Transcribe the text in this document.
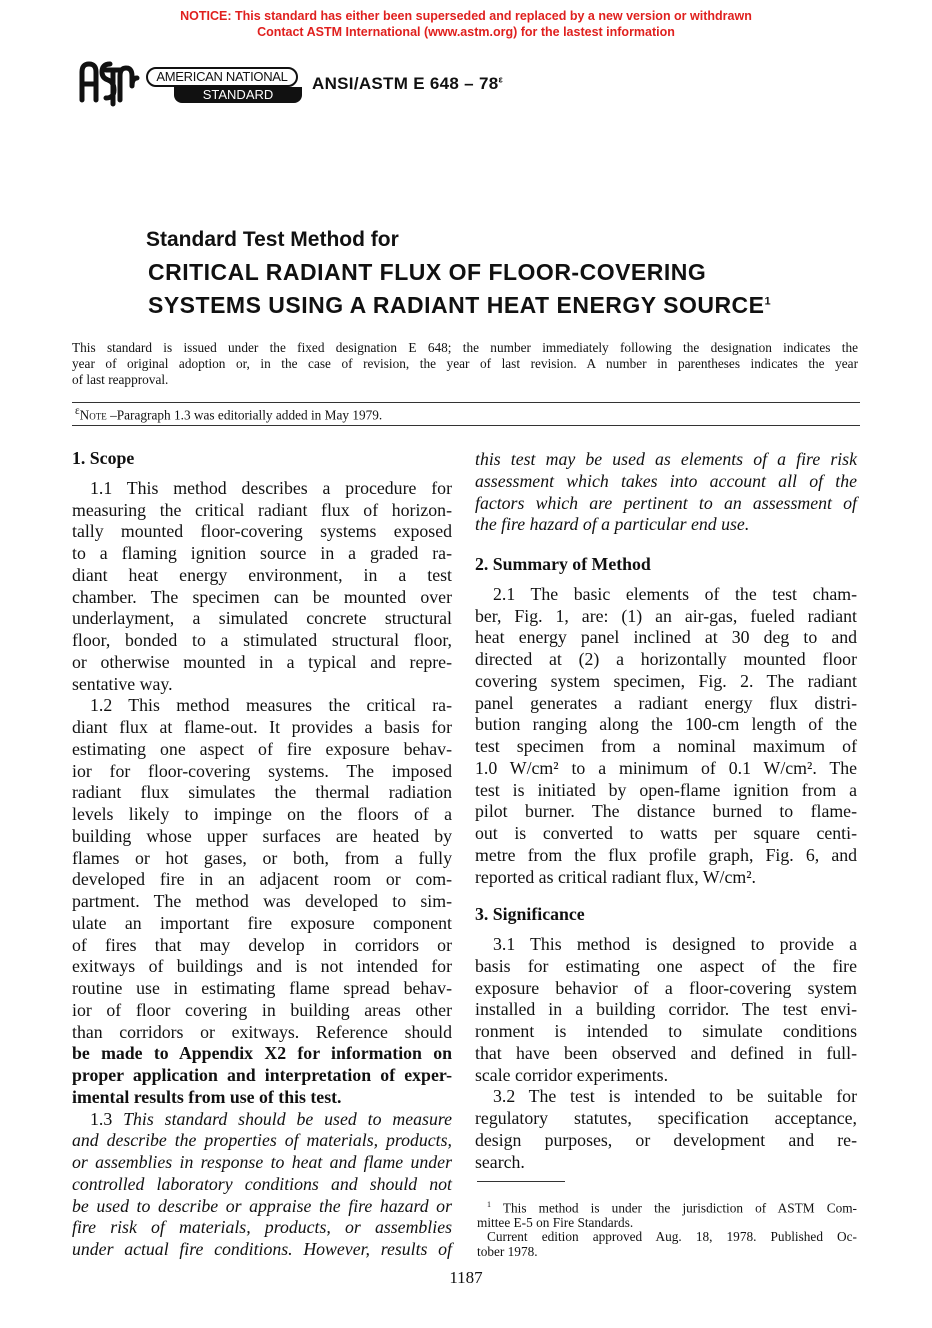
NOTICE: This standard has either been superseded and replaced by a new version or withdrawn
Contact ASTM International (www.astm.org) for the lastest information
AMERICAN NATIONAL
STANDARD
ANSI/ASTM E $648 - 78^\varepsilon$
Standard Test Method for
CRITICAL RADIANT FLUX OF FLOOR-COVERING
SYSTEMS USING A RADIANT HEAT ENERGY SOURCE$^1$
This standard is issued under the fixed designation E 648; the number immediately following the designation indicates the
year of original adoption or, in the case of revision, the year of last revision. A number in parentheses indicates the year
of last reapproval.
$^\varepsilon$Note –Paragraph 1.3 was editorially added in May 1979.
1. Scope
1.1 This method describes a procedure for
measuring the critical radiant flux of horizon-
tally mounted floor-covering systems exposed
to a flaming ignition source in a graded ra-
diant heat energy environment, in a test
chamber. The specimen can be mounted over
underlayment, a simulated concrete structural
floor, bonded to a stimulated structural floor,
or otherwise mounted in a typical and repre-
sentative way.
1.2 This method measures the critical ra-
diant flux at flame-out. It provides a basis for
estimating one aspect of fire exposure behav-
ior for floor-covering systems. The imposed
radiant flux simulates the thermal radiation
levels likely to impinge on the floors of a
building whose upper surfaces are heated by
flames or hot gases, or both, from a fully
developed fire in an adjacent room or com-
partment. The method was developed to sim-
ulate an important fire exposure component
of fires that may develop in corridors or
exitways of buildings and is not intended for
routine use in estimating flame spread behav-
ior of floor covering in building areas other
than corridors or exitways. Reference should
be made to Appendix X2 for information on
proper application and interpretation of exper-
imental results from use of this test.
1.3 This standard should be used to measure
and describe the properties of materials, products,
or assemblies in response to heat and flame under
controlled laboratory conditions and should not
be used to describe or appraise the fire hazard or
fire risk of materials, products, or assemblies
under actual fire conditions. However, results of
this test may be used as elements of a fire risk
assessment which takes into account all of the
factors which are pertinent to an assessment of
the fire hazard of a particular end use.
2. Summary of Method
2.1 The basic elements of the test cham-
ber, Fig. 1, are: (1) an air-gas, fueled radiant
heat energy panel inclined at 30 deg to and
directed at (2) a horizontally mounted floor
covering system specimen, Fig. 2. The radiant
panel generates a radiant energy flux distri-
bution ranging along the 100-cm length of the
test specimen from a nominal maximum of
1.0 W/cm² to a minimum of 0.1 W/cm². The
test is initiated by open-flame ignition from a
pilot burner. The distance burned to flame-
out is converted to watts per square centi-
metre from the flux profile graph, Fig. 6, and
reported as critical radiant flux, W/cm².
3. Significance
3.1 This method is designed to provide a
basis for estimating one aspect of the fire
exposure behavior of a floor-covering system
installed in a building corridor. The test envi-
ronment is intended to simulate conditions
that have been observed and defined in full-
scale corridor experiments.
3.2 The test is intended to be suitable for
regulatory statutes, specification acceptance,
design purposes, or development and re-
search.
$^1$ This method is under the jurisdiction of ASTM Com-
mittee E-5 on Fire Standards.
Current edition approved Aug. 18, 1978. Published Oc-
tober 1978.
1187
